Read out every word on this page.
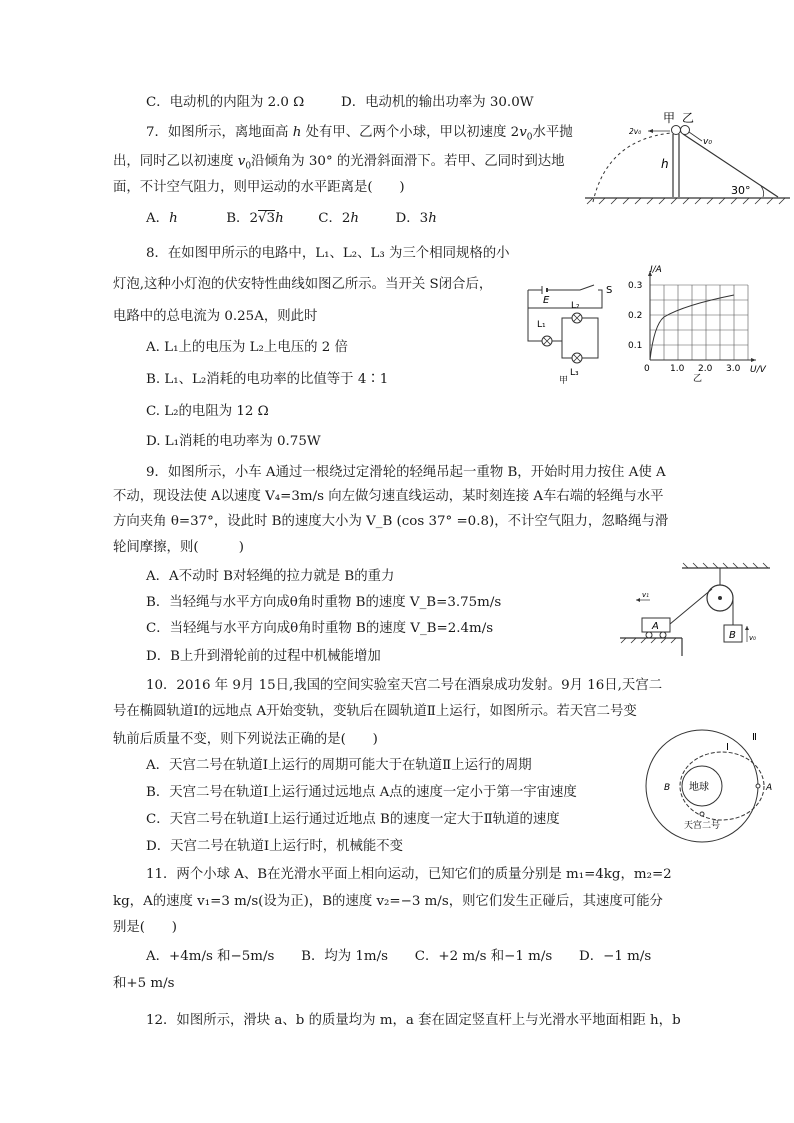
C．电动机的内阻为 2.0 Ω	D．电动机的输出功率为 30.0W
7．如图所示，离地面高 h 处有甲、乙两个小球，甲以初速度 $2v_0$水平抛
出，同时乙以初速度 $v_0$沿倾角为 30° 的光滑斜面滑下。若甲、乙同时到达地
面，不计空气阻力，则甲运动的水平距离是(　　)
A．h	B．2√3h	C．2h	D．3h
甲 乙
2v₀
v₀
h
30°
8．在如图甲所示的电路中，L₁、L₂、L₃ 为三个相同规格的小
灯泡,这种小灯泡的伏安特性曲线如图乙所示。当开关 S闭合后，
电路中的总电流为 0.25A，则此时
A. L₁上的电压为 L₂上电压的 2 倍
B. L₁、L₂消耗的电功率的比值等于 4∶1
C. L₂的电阻为 12 Ω
D. L₁消耗的电功率为 0.75W
E
S
L₁
L₂
L₃
甲
I/A
0.3
0.2
0.1
0 1.0 2.0 3.0 U/V
乙
9．如图所示，小车 A通过一根绕过定滑轮的轻绳吊起一重物 B，开始时用力按住 A使 A
不动，现设法使 A以速度 V₄=3m/s 向左做匀速直线运动，某时刻连接 A车右端的轻绳与水平
方向夹角 θ=37°，设此时 B的速度大小为 V_B (cos 37° =0.8)，不计空气阻力，忽略绳与滑
轮间摩擦，则(　　　)
A．A不动时 B对轻绳的拉力就是 B的重力
B．当轻绳与水平方向成θ角时重物 B的速度 V_B=3.75m/s
C．当轻绳与水平方向成θ角时重物 B的速度 V_B=2.4m/s
D．B上升到滑轮前的过程中机械能增加
B v₀
A
v₁
10．2016 年 9月 15日,我国的空间实验室天宫二号在酒泉成功发射。9月 16日,天宫二
号在椭圆轨道Ⅰ的远地点 A开始变轨，变轨后在圆轨道Ⅱ上运行，如图所示。若天宫二号变
轨前后质量不变，则下列说法正确的是(　　)
A．天宫二号在轨道Ⅰ上运行的周期可能大于在轨道Ⅱ上运行的周期
B．天宫二号在轨道Ⅰ上运行通过远地点 A点的速度一定小于第一宇宙速度
C．天宫二号在轨道Ⅰ上运行通过近地点 B的速度一定大于Ⅱ轨道的速度
D．天宫二号在轨道Ⅰ上运行时，机械能不变
地球
Ⅰ
Ⅱ
B	A
天宫二号
11．两个小球 A、B在光滑水平面上相向运动，已知它们的质量分别是 m₁=4kg，m₂=2
kg，A的速度 v₁=3 m/s(设为正)，B的速度 v₂=−3 m/s，则它们发生正碰后，其速度可能分
别是(　　)
A．+4m/s 和−5m/s　　B．均为 1m/s　　C．+2 m/s 和−1 m/s　　D．−1 m/s
和+5 m/s
12．如图所示，滑块 a、b 的质量均为 m，a 套在固定竖直杆上与光滑水平地面相距 h，b
